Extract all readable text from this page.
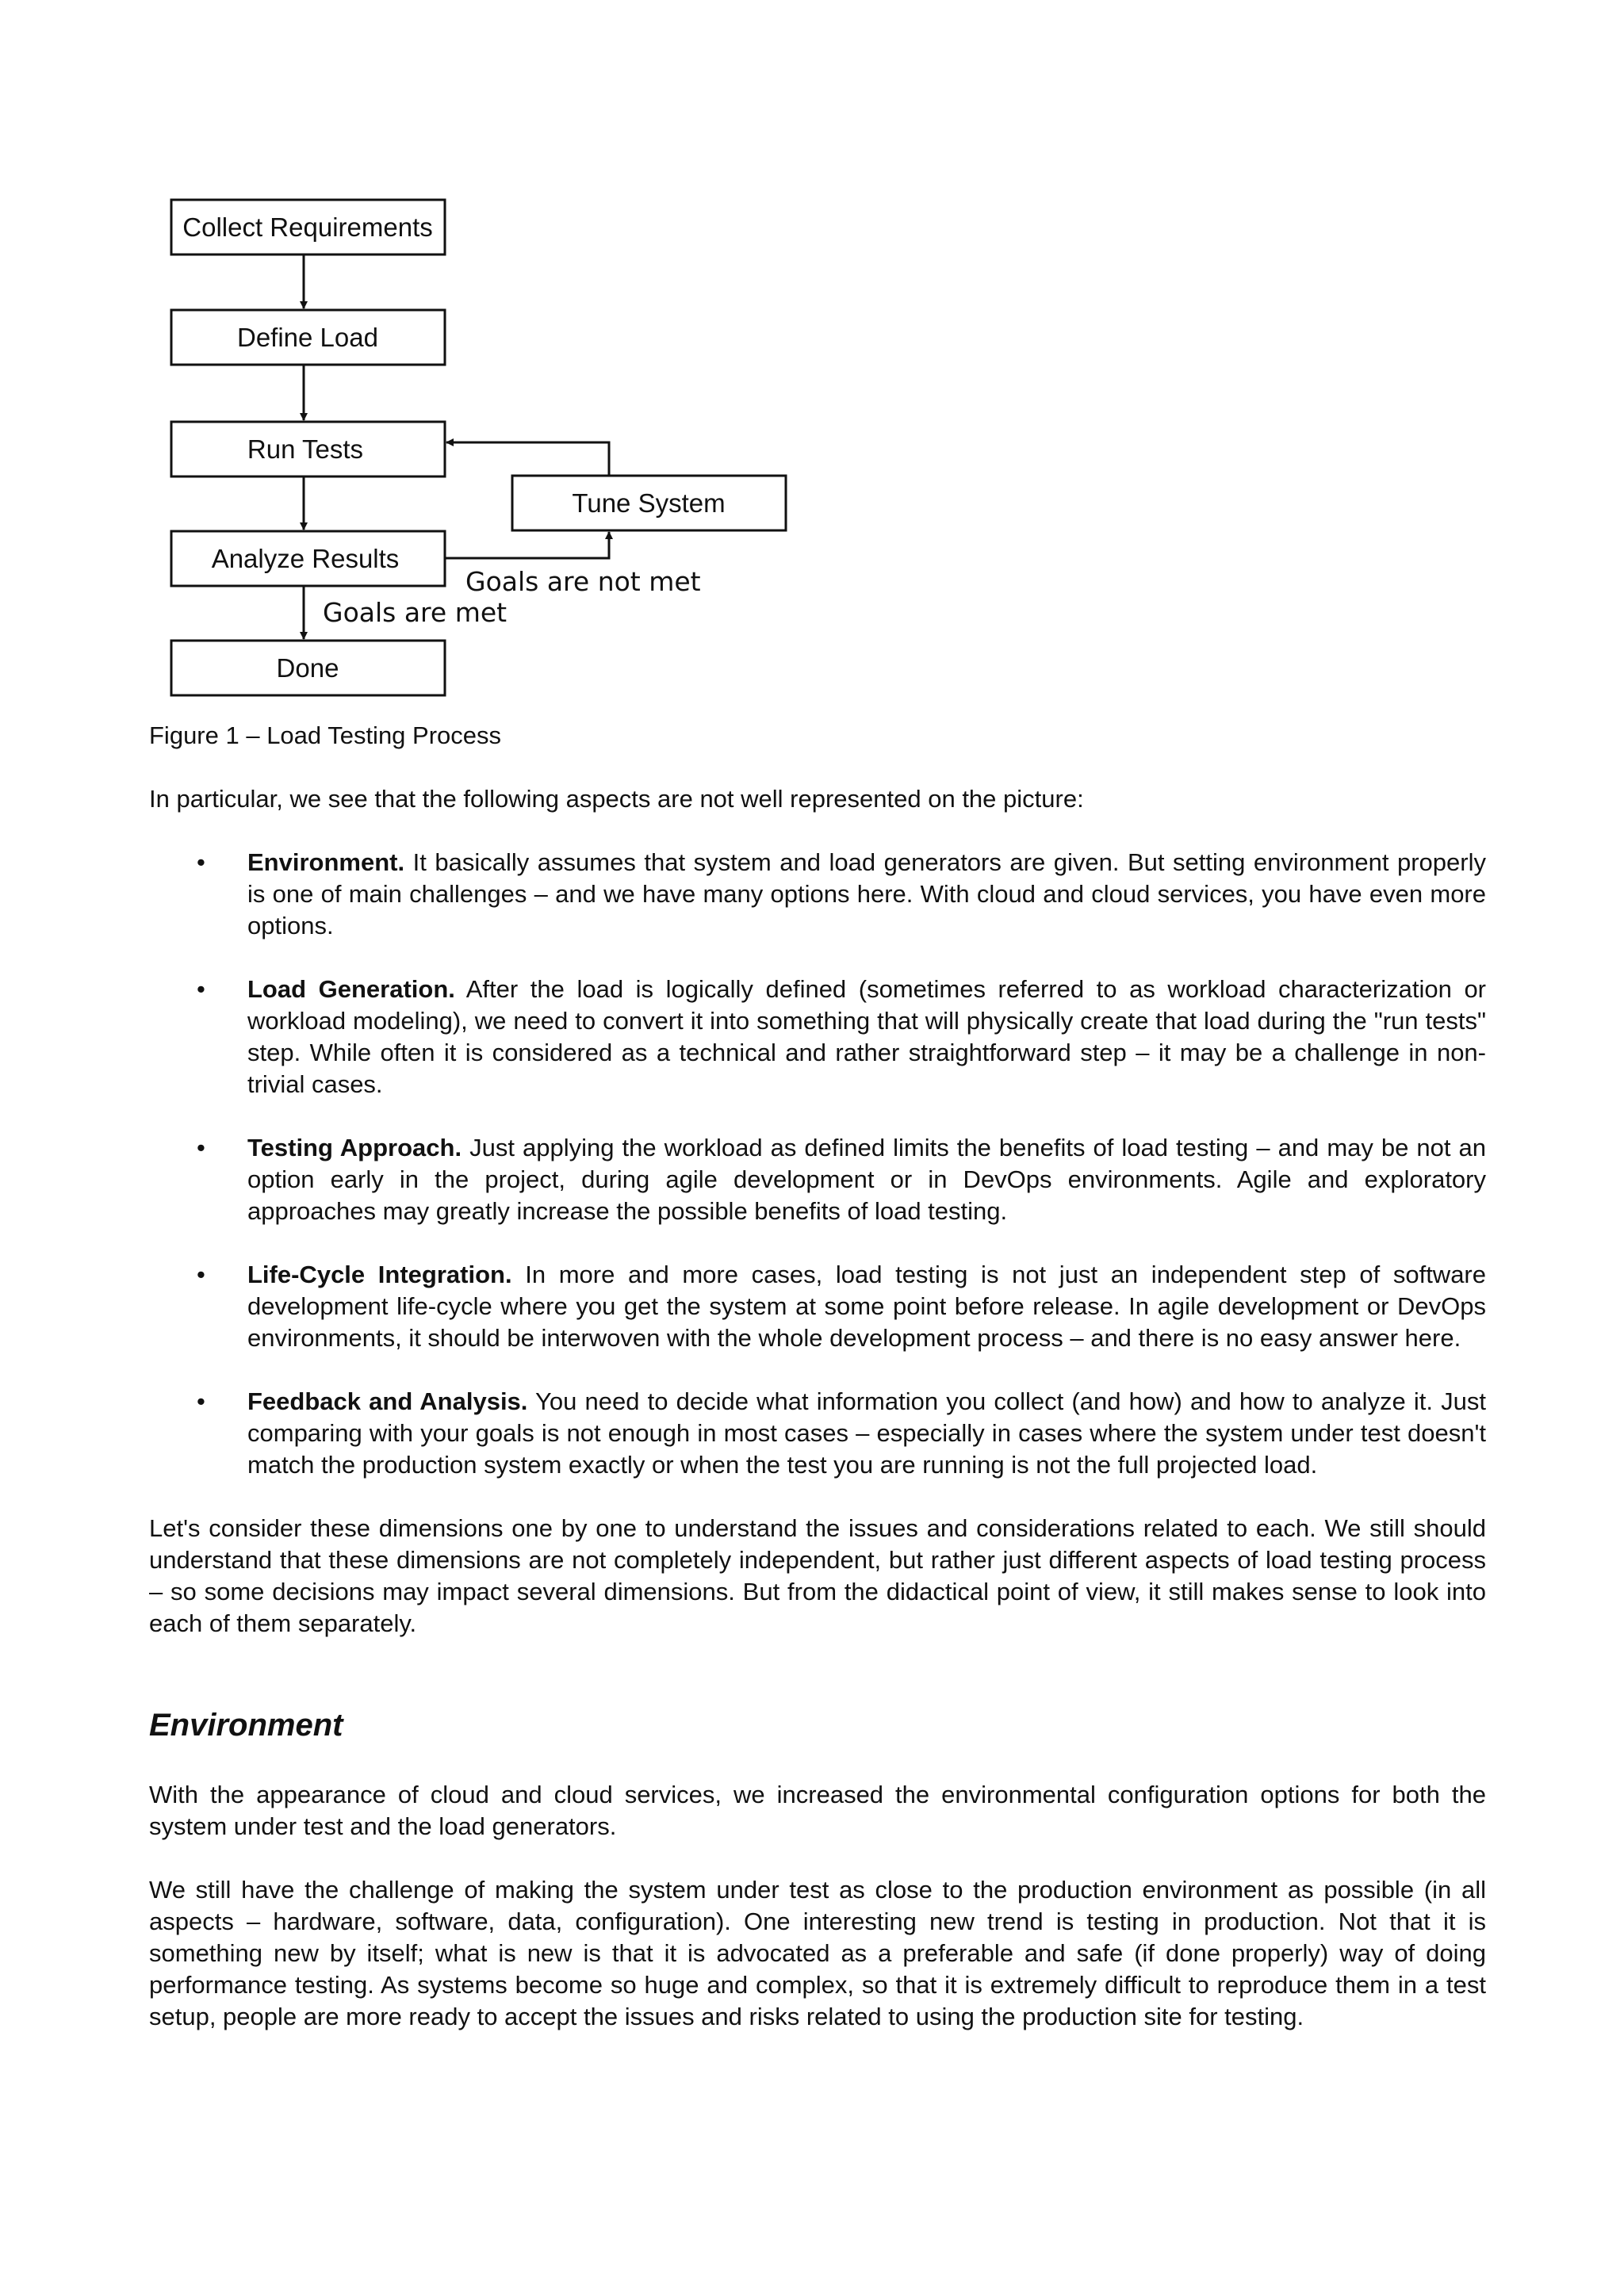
Collect Requirements
Define Load
Run Tests
Tune System
Analyze Results
Done
Goals are not met
Goals are met

Figure 1 – Load Testing Process

In particular, we see that the following aspects are not well represented on the picture:

• Environment. It basically assumes that system and load generators are given. But setting environment properly is one of main challenges – and we have many options here. With cloud and cloud services, you have even more options.
• Load Generation. After the load is logically defined (sometimes referred to as workload characterization or workload modeling), we need to convert it into something that will physically create that load during the "run tests" step. While often it is considered as a technical and rather straightforward step – it may be a challenge in non-trivial cases.
• Testing Approach. Just applying the workload as defined limits the benefits of load testing – and may be not an option early in the project, during agile development or in DevOps environments. Agile and exploratory approaches may greatly increase the possible benefits of load testing.
• Life-Cycle Integration. In more and more cases, load testing is not just an independent step of software development life-cycle where you get the system at some point before release. In agile development or DevOps environments, it should be interwoven with the whole development process – and there is no easy answer here.
• Feedback and Analysis. You need to decide what information you collect (and how) and how to analyze it. Just comparing with your goals is not enough in most cases – especially in cases where the system under test doesn't match the production system exactly or when the test you are running is not the full projected load.

Let's consider these dimensions one by one to understand the issues and considerations related to each. We still should understand that these dimensions are not completely independent, but rather just different aspects of load testing process – so some decisions may impact several dimensions. But from the didactical point of view, it still makes sense to look into each of them separately.

Environment

With the appearance of cloud and cloud services, we increased the environmental configuration options for both the system under test and the load generators.

We still have the challenge of making the system under test as close to the production environment as possible (in all aspects – hardware, software, data, configuration). One interesting new trend is testing in production. Not that it is something new by itself; what is new is that it is advocated as a preferable and safe (if done properly) way of doing performance testing. As systems become so huge and complex, so that it is extremely difficult to reproduce them in a test setup, people are more ready to accept the issues and risks related to using the production site for testing.
